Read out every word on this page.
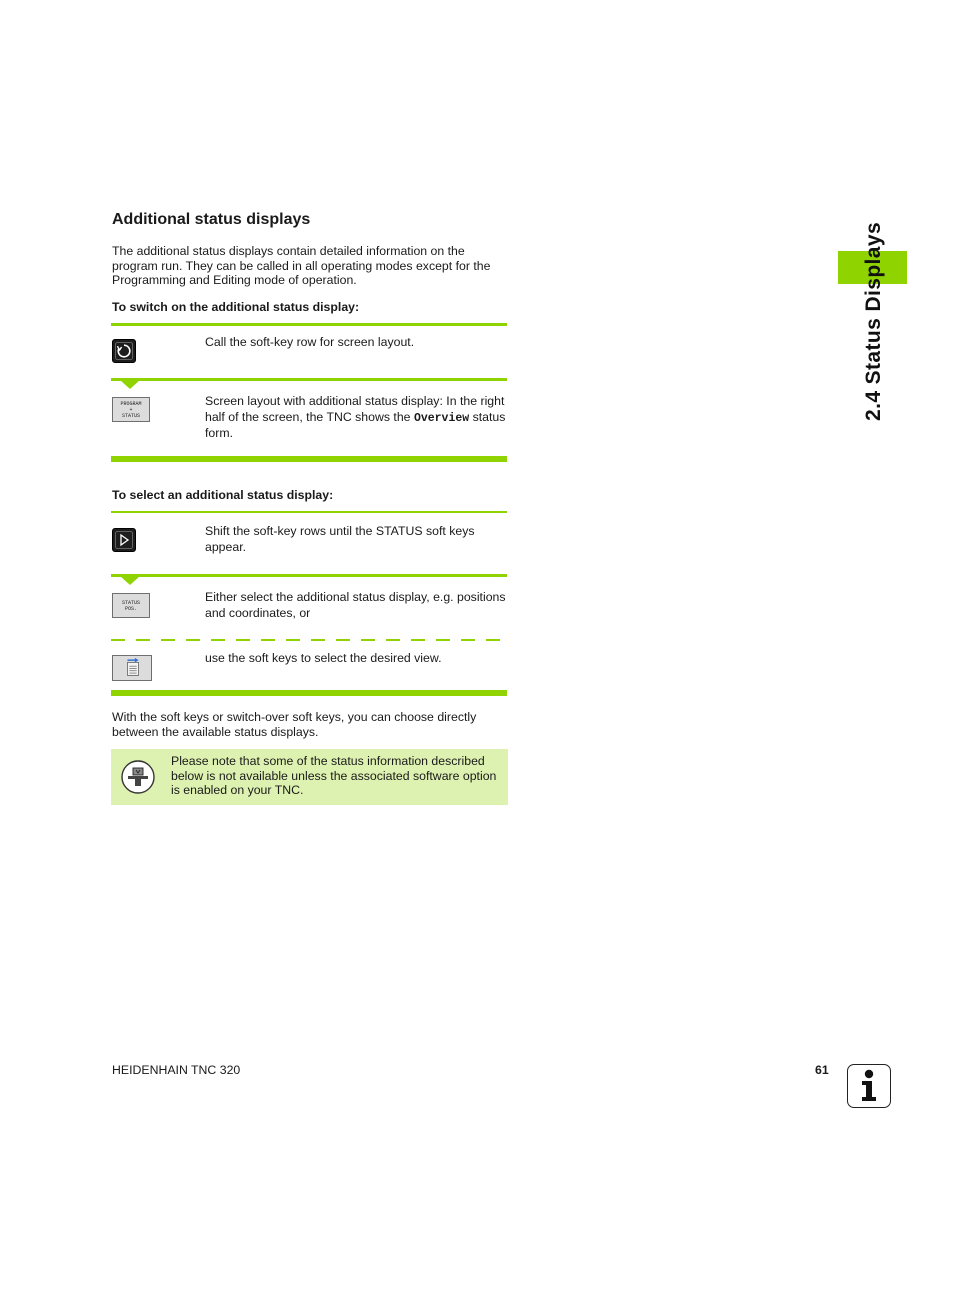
2.4 Status Displays
Additional status displays
The additional status displays contain detailed information on the program run. They can be called in all operating modes except for the Programming and Editing mode of operation.
To switch on the additional status display:
Call the soft-key row for screen layout.
PROGRAM
+
STATUS
Screen layout with additional status display: In the right half of the screen, the TNC shows the Overview status form.
To select an additional status display:
Shift the soft-key rows until the STATUS soft keys appear.
STATUS
POS.
Either select the additional status display, e.g. positions and coordinates, or
use the soft keys to select the desired view.
With the soft keys or switch-over soft keys, you can choose directly between the available status displays.
Please note that some of the status information described below is not available unless the associated software option is enabled on your TNC.
HEIDENHAIN TNC 320	61
